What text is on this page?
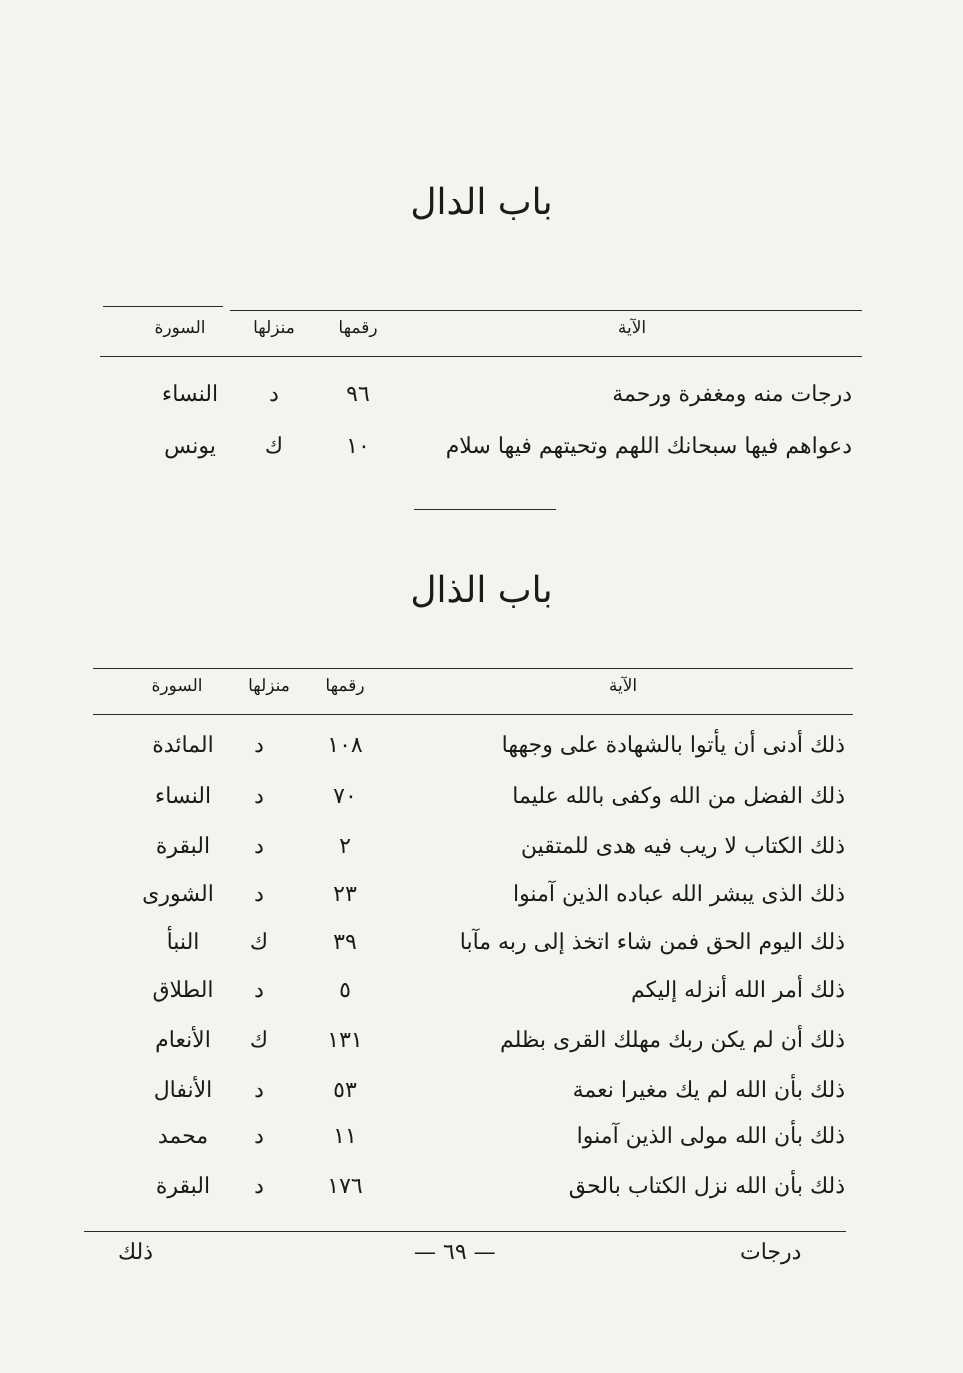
باب الدال
الآية
رقمها
منزلها
السورة
درجات منه ومغفرة ورحمة
٩٦
د
النساء
دعواهم فيها سبحانك اللهم وتحيتهم فيها سلام
١٠
ك
يونس
باب الذال
الآية
رقمها
منزلها
السورة
ذلك أدنى أن يأتوا بالشهادة على وجهها
١٠٨
د
المائدة
ذلك الفضل من الله وكفى بالله عليما
٧٠
د
النساء
ذلك الكتاب لا ريب فيه هدى للمتقين
٢
د
البقرة
ذلك الذى يبشر الله عباده الذين آمنوا
٢٣
د
الشورى
ذلك اليوم الحق فمن شاء اتخذ إلى ربه مآبا
٣٩
ك
النبأ
ذلك أمر الله أنزله إليكم
٥
د
الطلاق
ذلك أن لم يكن ربك مهلك القرى بظلم
١٣١
ك
الأنعام
ذلك بأن الله لم يك مغيرا نعمة
٥٣
د
الأنفال
ذلك بأن الله مولى الذين آمنوا
١١
د
محمد
ذلك بأن الله نزل الكتاب بالحق
١٧٦
د
البقرة
درجات
— ٦٩ —
ذلك
